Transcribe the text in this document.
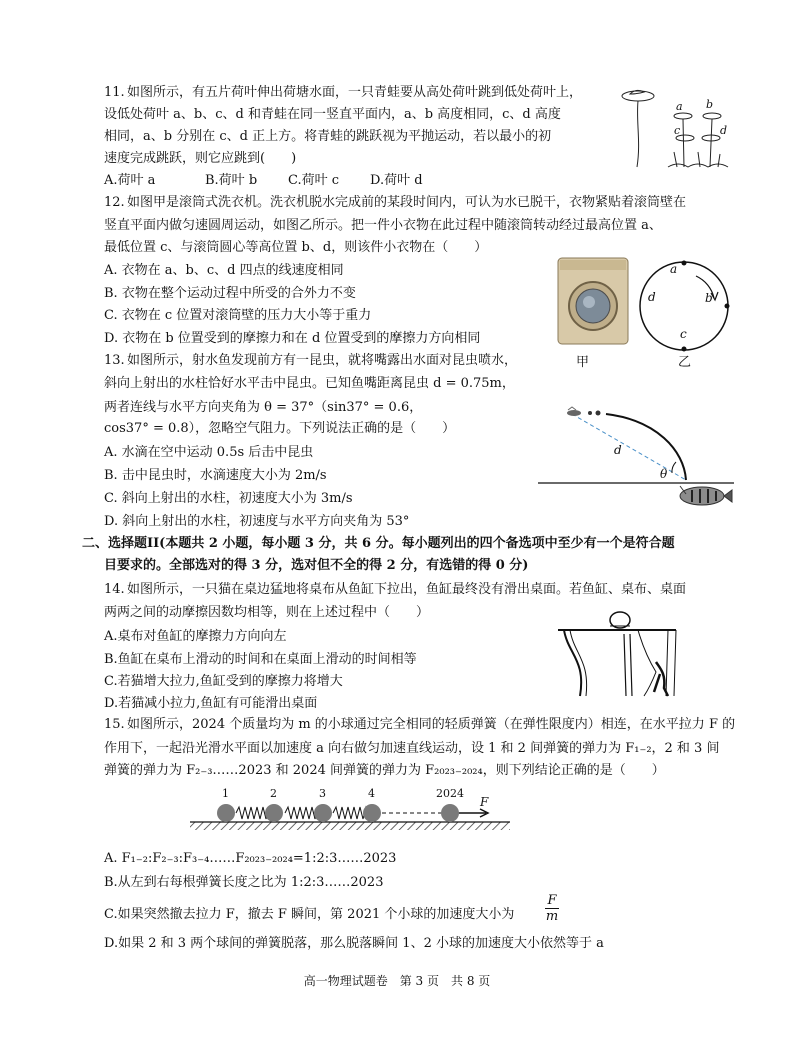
11. 如图所示，有五片荷叶伸出荷塘水面，一只青蛙要从高处荷叶跳到低处荷叶上，
设低处荷叶 a、b、c、d 和青蛙在同一竖直平面内，a、b 高度相同，c、d 高度
相同，a、b 分别在 c、d 正上方。将青蛙的跳跃视为平抛运动，若以最小的初
速度完成跳跃，则它应跳到(　　)
A.荷叶 a	B.荷叶 b C.荷叶 c D.荷叶 d
a b
c	d
12. 如图甲是滚筒式洗衣机。洗衣机脱水完成前的某段时间内，可认为水已脱干，衣物紧贴着滚筒壁在
竖直平面内做匀速圆周运动，如图乙所示。把一件小衣物在此过程中随滚筒转动经过最高位置 a、
最低位置 c、与滚筒圆心等高位置 b、d，则该件小衣物在（　　）
A. 衣物在 a、b、c、d 四点的线速度相同
B. 衣物在整个运动过程中所受的合外力不变
C. 衣物在 c 位置对滚筒壁的压力大小等于重力
D. 衣物在 b 位置受到的摩擦力和在 d 位置受到的摩擦力方向相同
甲
a
b
c
d
乙
13. 如图所示，射水鱼发现前方有一昆虫，就将嘴露出水面对昆虫喷水，
斜向上射出的水柱恰好水平击中昆虫。已知鱼嘴距离昆虫 d = 0.75m，
两者连线与水平方向夹角为 θ = 37°（sin37° = 0.6，
cos37° = 0.8），忽略空气阻力。下列说法正确的是（　　）
A. 水滴在空中运动 0.5s 后击中昆虫
B. 击中昆虫时，水滴速度大小为 2m/s
C. 斜向上射出的水柱，初速度大小为 3m/s
D. 斜向上射出的水柱，初速度与水平方向夹角为 53°
d
θ
二、选择题II(本题共 2 小题，每小题 3 分，共 6 分。每小题列出的四个备选项中至少有一个是符合题
目要求的。全部选对的得 3 分，选对但不全的得 2 分，有选错的得 0 分)
14. 如图所示，一只猫在桌边猛地将桌布从鱼缸下拉出，鱼缸最终没有滑出桌面。若鱼缸、桌布、桌面
两两之间的动摩擦因数均相等，则在上述过程中（　　）
A.桌布对鱼缸的摩擦力方向向左
B.鱼缸在桌布上滑动的时间和在桌面上滑动的时间相等
C.若猫增大拉力,鱼缸受到的摩擦力将增大
D.若猫减小拉力,鱼缸有可能滑出桌面
15. 如图所示，2024 个质量均为 m 的小球通过完全相同的轻质弹簧（在弹性限度内）相连，在水平拉力 F 的
作用下，一起沿光滑水平面以加速度 a 向右做匀加速直线运动，设 1 和 2 间弹簧的弹力为 F₁₋₂，2 和 3 间
弹簧的弹力为 F₂₋₃……2023 和 2024 间弹簧的弹力为 F₂₀₂₃₋₂₀₂₄，则下列结论正确的是（　　）
1	2	3	4	2024
F
A. F₁₋₂:F₂₋₃:F₃₋₄……F₂₀₂₃₋₂₀₂₄=1:2:3……2023
B.从左到右每根弹簧长度之比为 1:2:3……2023
C.如果突然撤去拉力 F，撤去 F 瞬间，第 2021 个小球的加速度大小为 $\frac{F}{m}$
D.如果 2 和 3 两个球间的弹簧脱落，那么脱落瞬间 1、2 小球的加速度大小依然等于 a
高一物理试题卷　第 3 页　共 8 页
